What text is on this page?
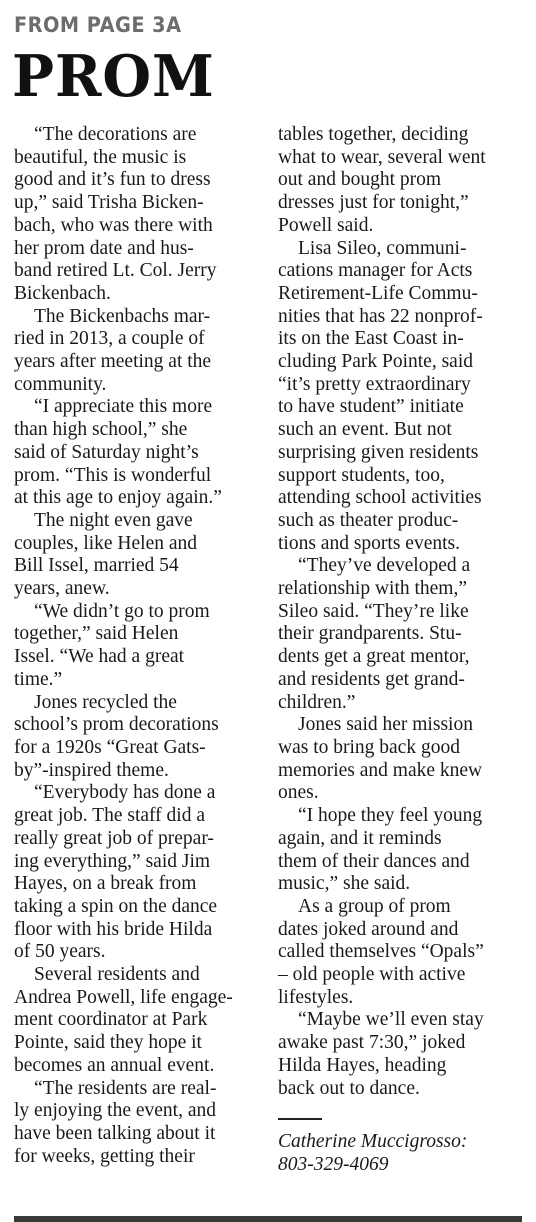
FROM PAGE 3A
PROM

“The decorations are
beautiful, the music is
good and it’s fun to dress
up,” said Trisha Bicken-
bach, who was there with
her prom date and hus-
band retired Lt. Col. Jerry
Bickenbach.

The Bickenbachs mar-
ried in 2013, a couple of
years after meeting at the
community.

“I appreciate this more
than high school,” she
said of Saturday night’s
prom. “This is wonderful
at this age to enjoy again.”

The night even gave
couples, like Helen and
Bill Issel, married 54
years, anew.

“We didn’t go to prom
together,” said Helen
Issel. “We had a great
time.”

Jones recycled the
school’s prom decorations
for a 1920s “Great Gats-
by”-inspired theme.

“Everybody has done a
great job. The staff did a
really great job of prepar-
ing everything,” said Jim
Hayes, on a break from
taking a spin on the dance
floor with his bride Hilda
of 50 years.

Several residents and
Andrea Powell, life engage-
ment coordinator at Park
Pointe, said they hope it
becomes an annual event.

“The residents are real-
ly enjoying the event, and
have been talking about it
for weeks, getting their

tables together, deciding
what to wear, several went
out and bought prom
dresses just for tonight,”
Powell said.

Lisa Sileo, communi-
cations manager for Acts
Retirement-Life Commu-
nities that has 22 nonprof-
its on the East Coast in-
cluding Park Pointe, said
“it’s pretty extraordinary
to have student” initiate
such an event. But not
surprising given residents
support students, too,
attending school activities
such as theater produc-
tions and sports events.

“They’ve developed a
relationship with them,”
Sileo said. “They’re like
their grandparents. Stu-
dents get a great mentor,
and residents get grand-
children.”

Jones said her mission
was to bring back good
memories and make knew
ones.

“I hope they feel young
again, and it reminds
them of their dances and
music,” she said.

As a group of prom
dates joked around and
called themselves “Opals”
– old people with active
lifestyles.

“Maybe we’ll even stay
awake past 7:30,” joked
Hilda Hayes, heading
back out to dance.

Catherine Muccigrosso:
803-329-4069
